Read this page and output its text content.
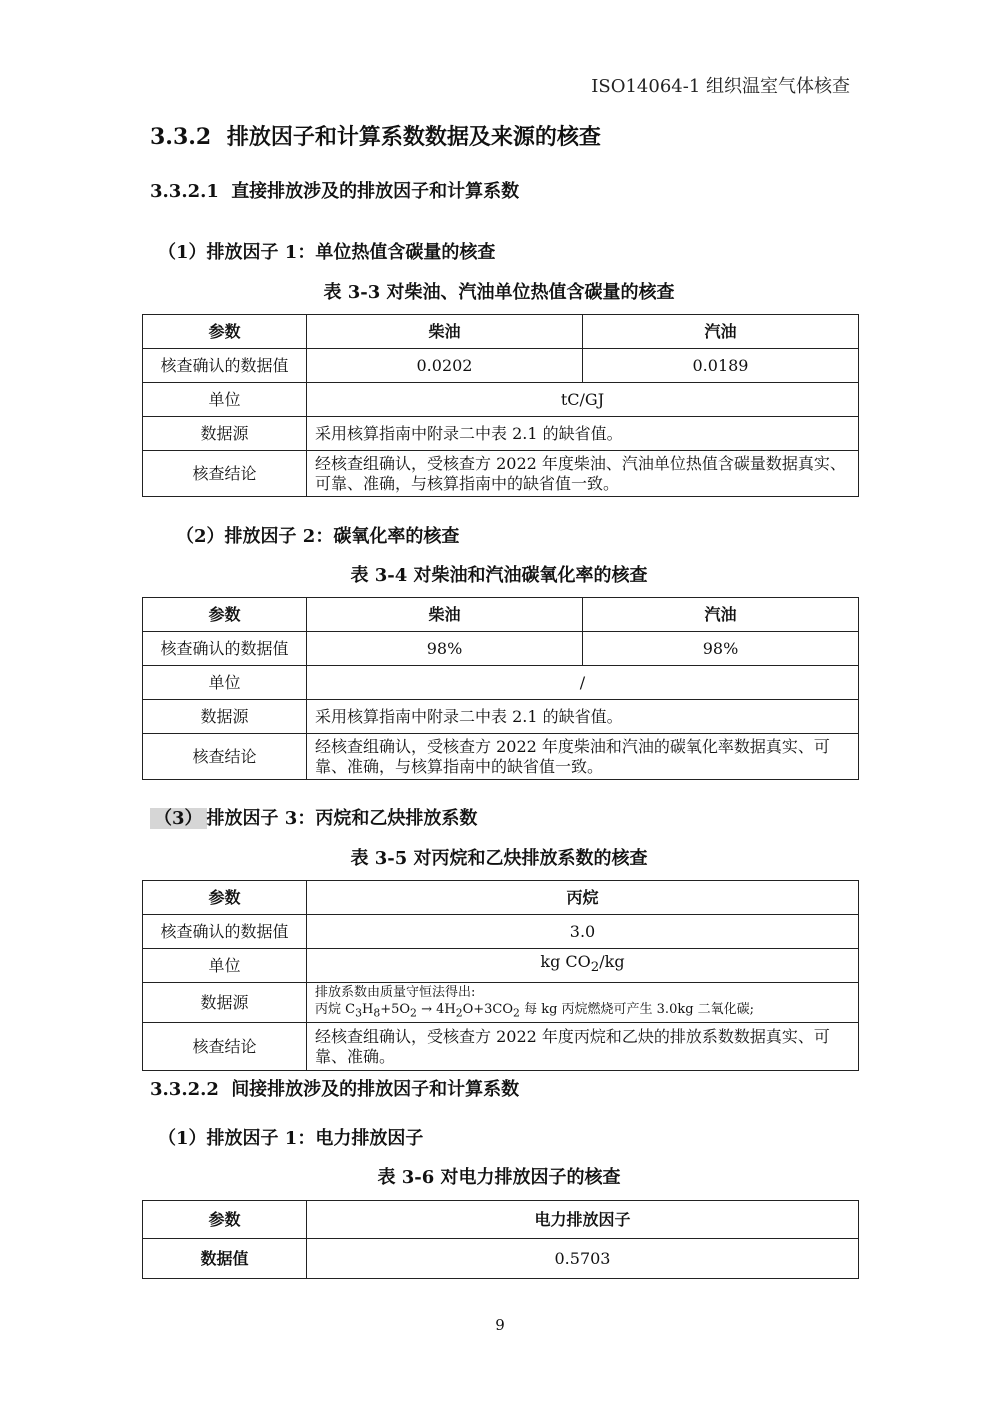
ISO14064-1 组织温室气体核查
3.3.2 排放因子和计算系数数据及来源的核查
3.3.2.1 直接排放涉及的排放因子和计算系数
（1）排放因子 1：单位热值含碳量的核查
表 3-3 对柴油、汽油单位热值含碳量的核查
参数	柴油	汽油
核查确认的数据值	0.0202	0.0189
单位	tC/GJ	
数据源	采用核算指南中附录二中表 2.1 的缺省值。	
核查结论	经核查组确认，受核查方 2022 年度柴油、汽油单位热值含碳量数据真实、可靠、准确，与核算指南中的缺省值一致。	
（2）排放因子 2：碳氧化率的核查
表 3-4 对柴油和汽油碳氧化率的核查
参数	柴油	汽油
核查确认的数据值	98%	98%
单位	/	
数据源	采用核算指南中附录二中表 2.1 的缺省值。	
核查结论	经核查组确认，受核查方 2022 年度柴油和汽油的碳氧化率数据真实、可靠、准确，与核算指南中的缺省值一致。	
（3） 排放因子 3：丙烷和乙炔排放系数
表 3-5 对丙烷和乙炔排放系数的核查
参数	丙烷
核查确认的数据值	3.0
单位	kg $CO_2/kg$
数据源	排放系数由质量守恒法得出:
丙烷 $C_3H_8+5O_2 \to 4H_2O+3CO_2$ 每 kg 丙烷燃烧可产生 3.0kg 二氧化碳;

核查结论	经核查组确认，受核查方 2022 年度丙烷和乙炔的排放系数数据真实、可靠、准确。
3.3.2.2 间接排放涉及的排放因子和计算系数
（1）排放因子 1：电力排放因子
表 3-6 对电力排放因子的核查
参数	电力排放因子
数据值	0.5703
9
